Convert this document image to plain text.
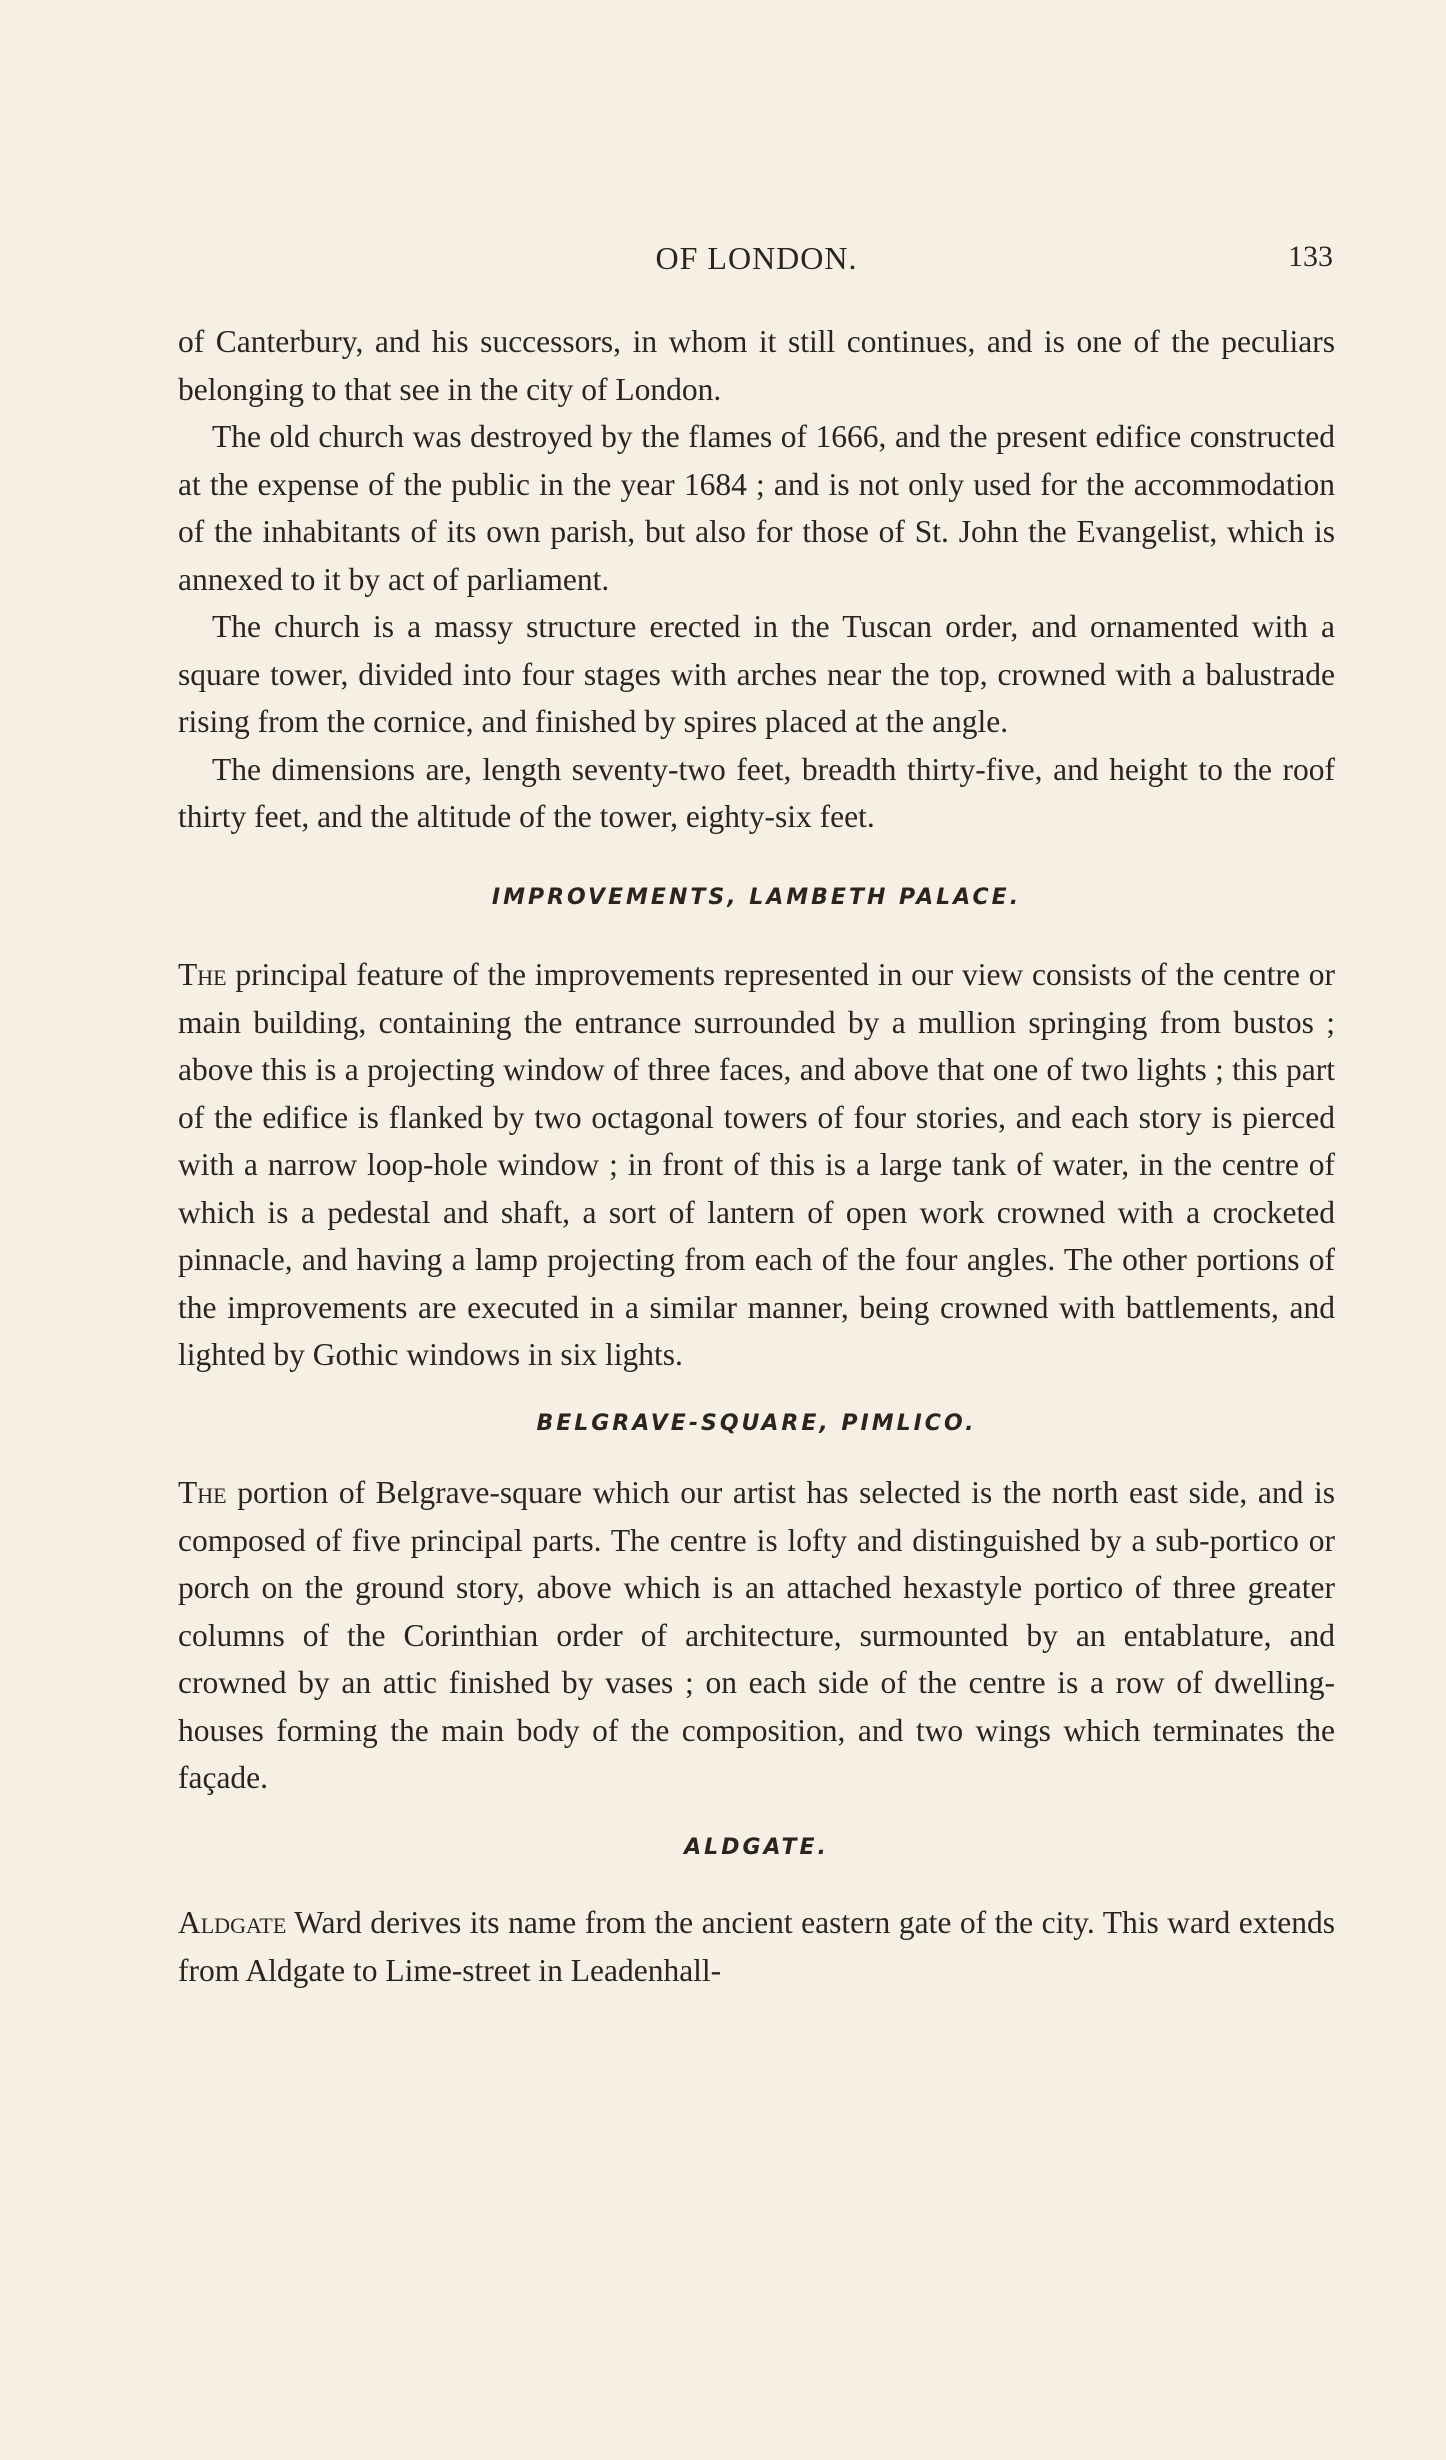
OF LONDON.	133

of Canterbury, and his successors, in whom it still continues, and is one of the peculiars belonging to that see in the city of London.

The old church was destroyed by the flames of 1666, and the present edifice constructed at the expense of the public in the year 1684 ; and is not only used for the accommodation of the inhabitants of its own parish, but also for those of St. John the Evangelist, which is annexed to it by act of parliament.

The church is a massy structure erected in the Tuscan order, and ornamented with a square tower, divided into four stages with arches near the top, crowned with a balustrade rising from the cornice, and finished by spires placed at the angle.

The dimensions are, length seventy-two feet, breadth thirty-five, and height to the roof thirty feet, and the altitude of the tower, eighty-six feet.

IMPROVEMENTS, LAMBETH PALACE.

The principal feature of the improvements represented in our view consists of the centre or main building, containing the entrance surrounded by a mullion springing from bustos ; above this is a projecting window of three faces, and above that one of two lights ; this part of the edifice is flanked by two octagonal towers of four stories, and each story is pierced with a narrow loop-hole window ; in front of this is a large tank of water, in the centre of which is a pedestal and shaft, a sort of lantern of open work crowned with a crocketed pinnacle, and having a lamp projecting from each of the four angles. The other portions of the improvements are executed in a similar manner, being crowned with battlements, and lighted by Gothic windows in six lights.

BELGRAVE-SQUARE, PIMLICO.

The portion of Belgrave-square which our artist has selected is the north east side, and is composed of five principal parts. The centre is lofty and distinguished by a sub-portico or porch on the ground story, above which is an attached hexastyle portico of three greater columns of the Corinthian order of architecture, surmounted by an entablature, and crowned by an attic finished by vases ; on each side of the centre is a row of dwelling-houses forming the main body of the composition, and two wings which terminates the façade.

ALDGATE.

Aldgate Ward derives its name from the ancient eastern gate of the city. This ward extends from Aldgate to Lime-street in Leadenhall-
